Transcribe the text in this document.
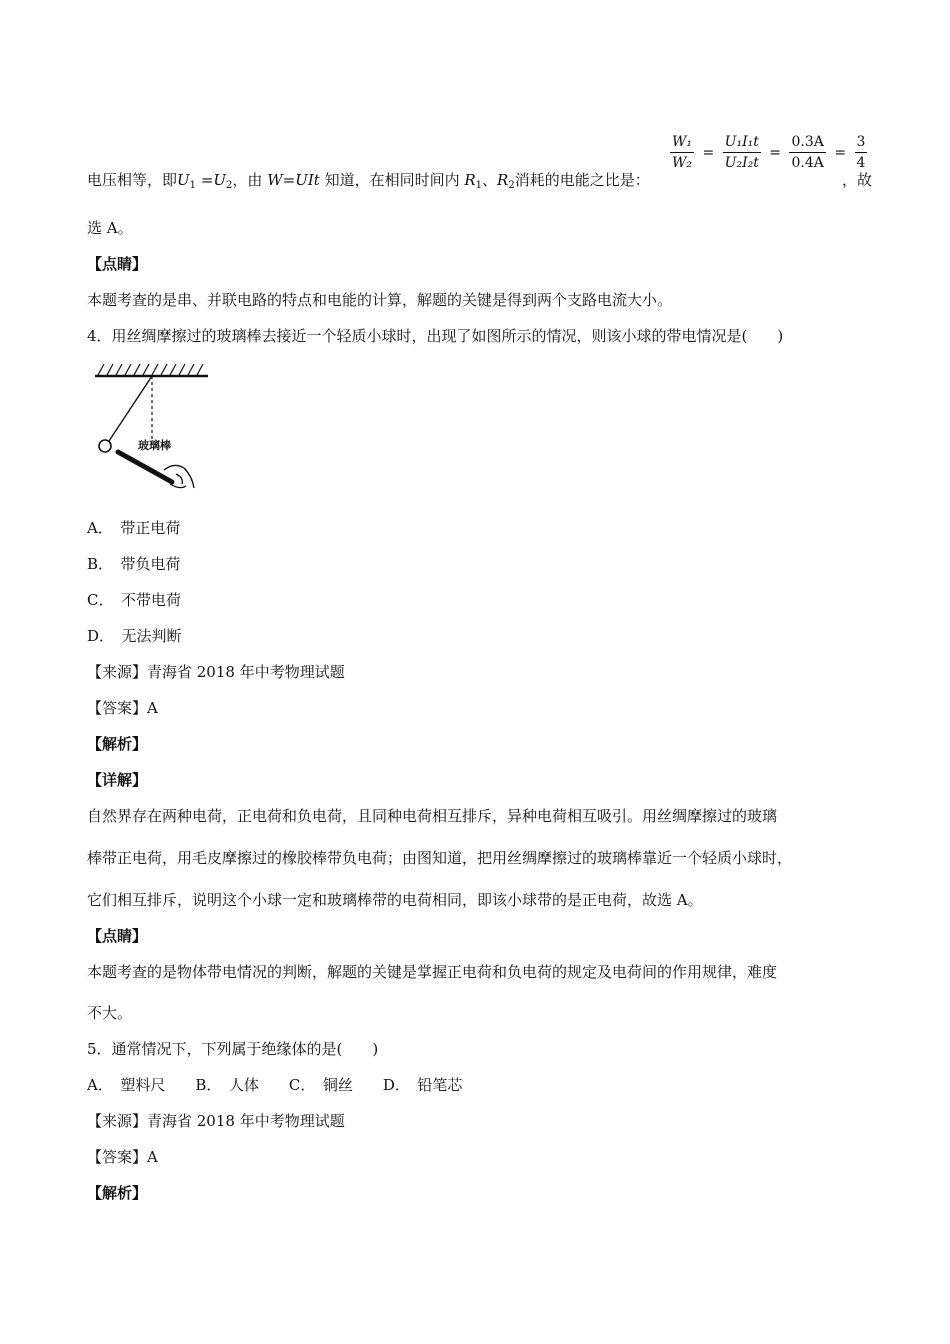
电压相等，即$U_1 =U_2$，由 W=UIt 知道，在相同时间内 $R_1$、$R_2$消耗的电能之比是：
$\frac{\text{W₁}}{\text{W₂}} = \frac{\text{U₁I₁t}}{\text{U₂I₂t}} = \frac{0.3A}{0.4A} = \frac{3}{4}$
，故
选 A。
【点睛】
本题考查的是串、并联电路的特点和电能的计算，解题的关键是得到两个支路电流大小。
4．用丝绸摩擦过的玻璃棒去接近一个轻质小球时，出现了如图所示的情况，则该小球的带电情况是(　　)
玻璃棒
A．　带正电荷
B．　带负电荷
C．　不带电荷
D．　无法判断
【来源】青海省 2018 年中考物理试题
【答案】A
【解析】
【详解】
自然界存在两种电荷，正电荷和负电荷，且同种电荷相互排斥，异种电荷相互吸引。用丝绸摩擦过的玻璃
棒带正电荷，用毛皮摩擦过的橡胶棒带负电荷；由图知道，把用丝绸摩擦过的玻璃棒靠近一个轻质小球时，
它们相互排斥，说明这个小球一定和玻璃棒带的电荷相同，即该小球带的是正电荷，故选 A。
【点睛】
本题考查的是物体带电情况的判断，解题的关键是掌握正电荷和负电荷的规定及电荷间的作用规律，难度
不大。
5．通常情况下，下列属于绝缘体的是(　　)
A．　塑料尺　　B．　人体　　C．　铜丝　　D．　铅笔芯
【来源】青海省 2018 年中考物理试题
【答案】A
【解析】
